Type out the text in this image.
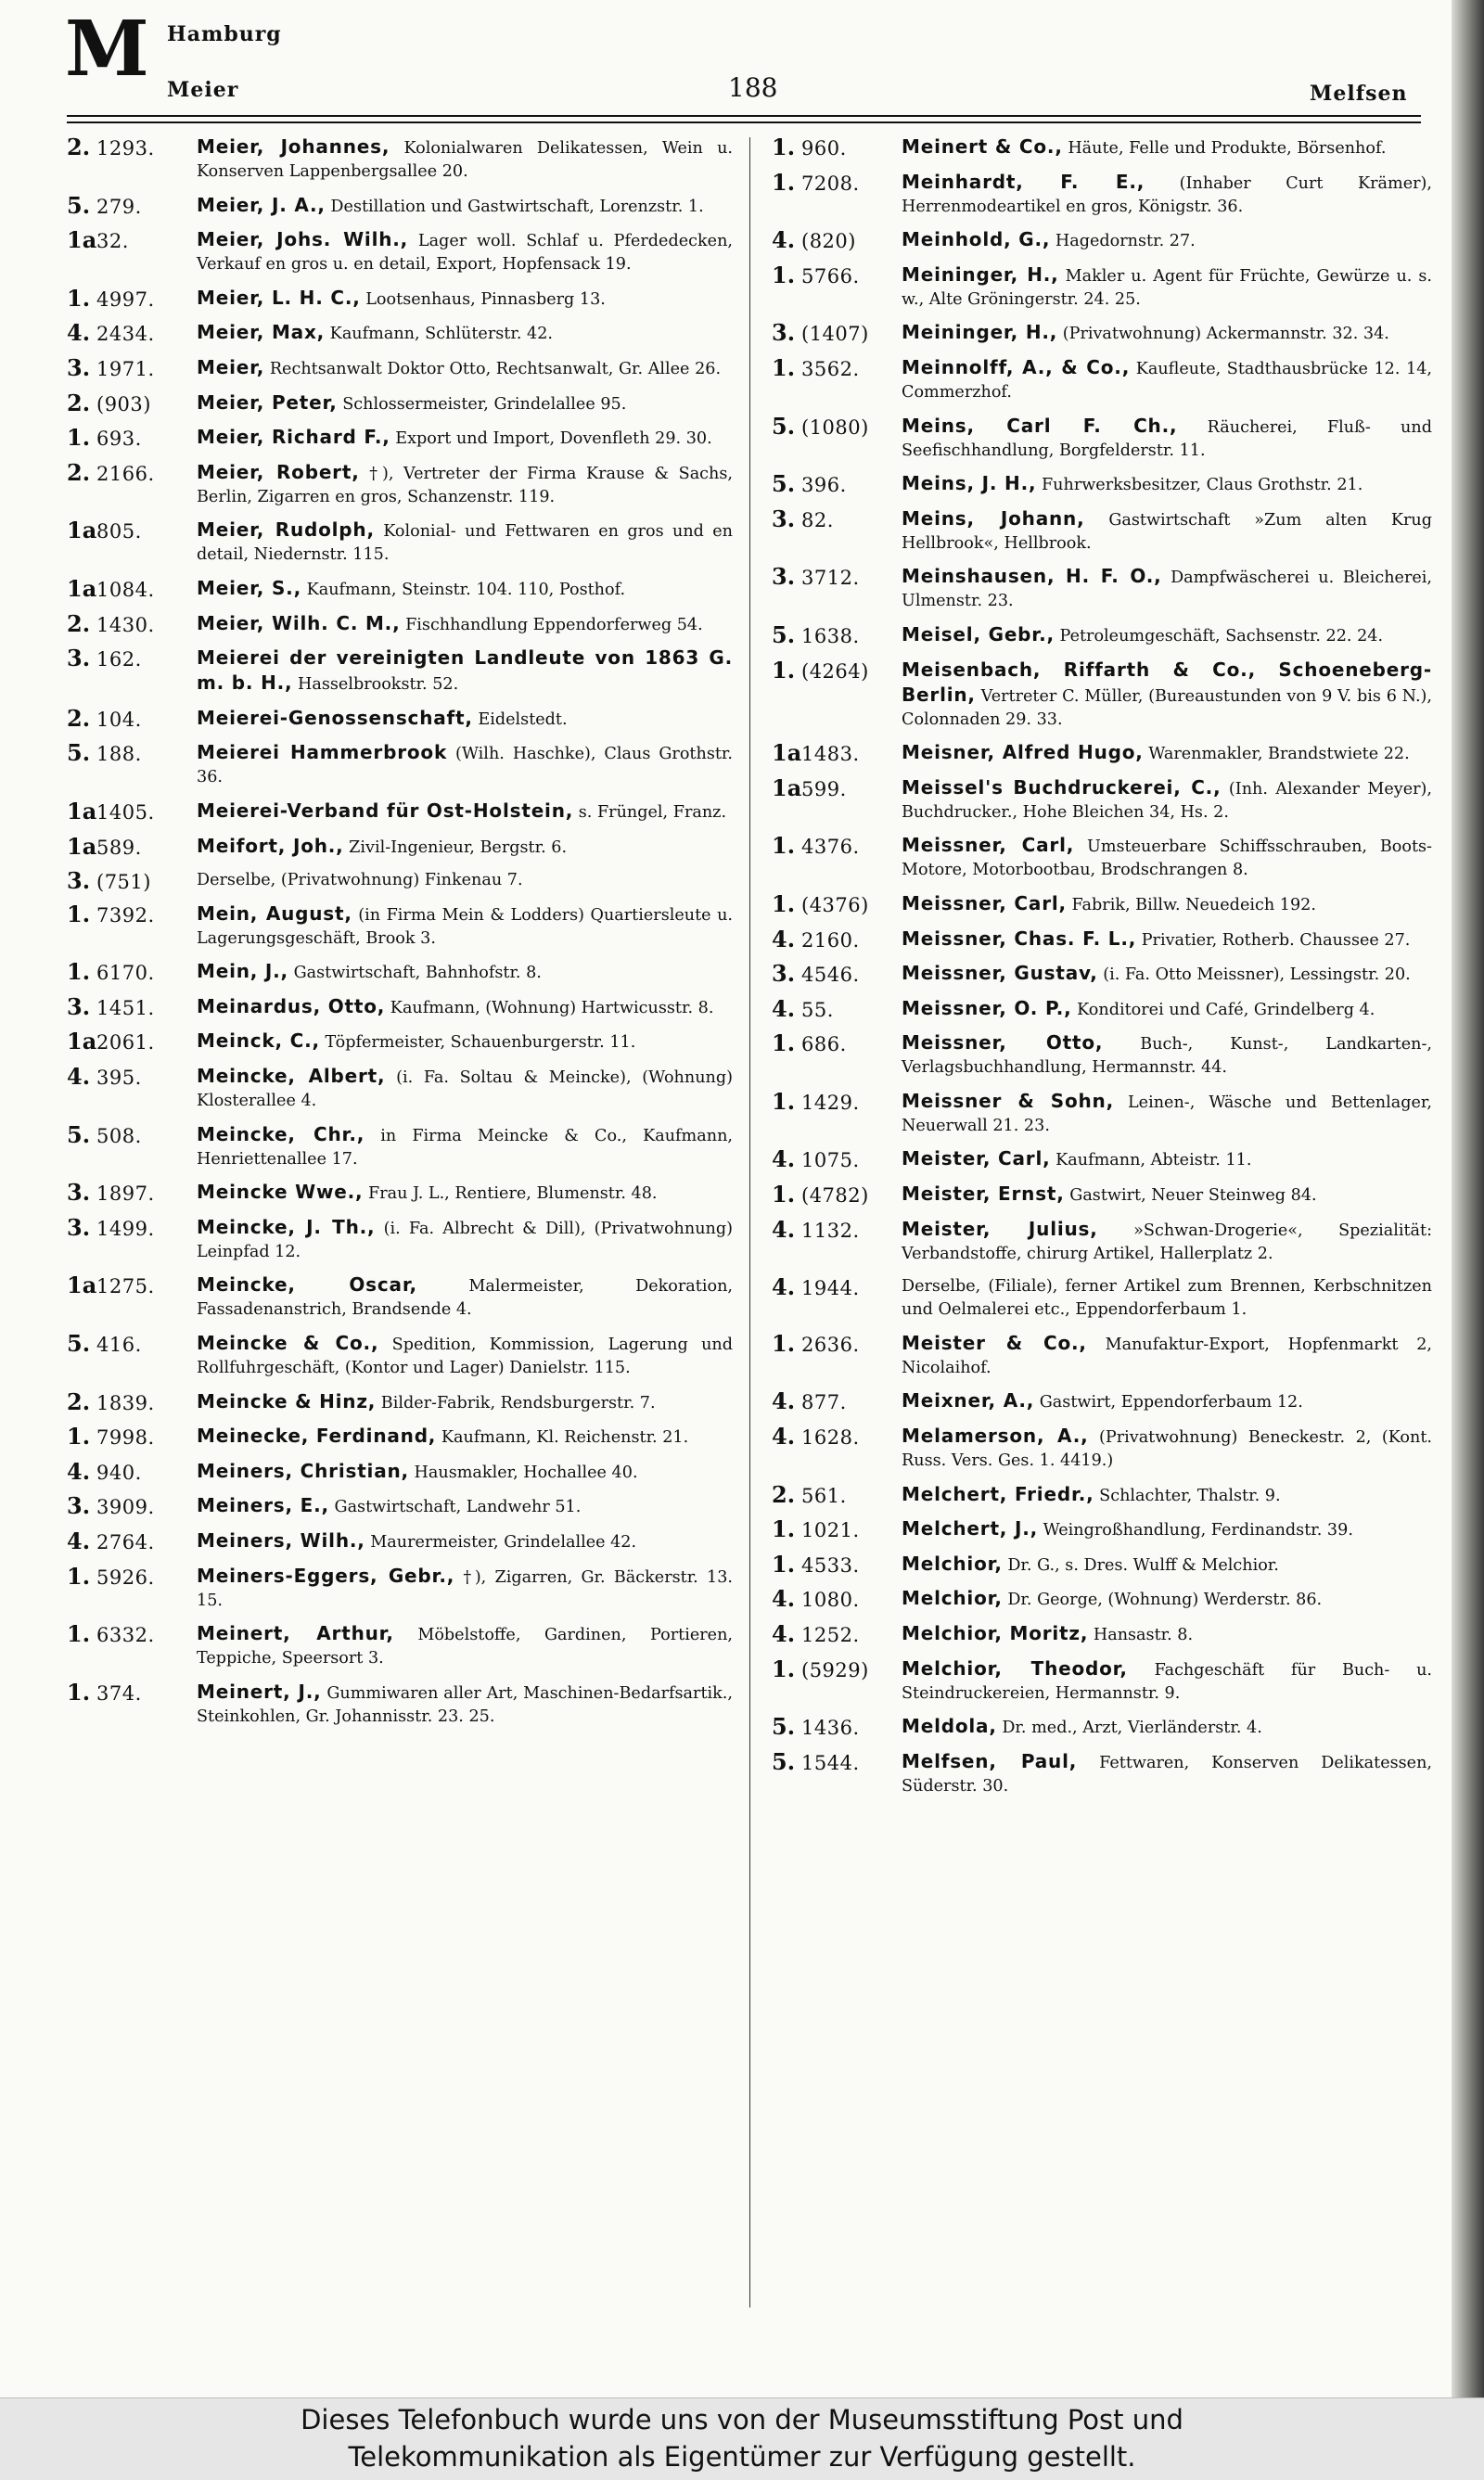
M Hamburg
Meier	188	Melfsen
2. 1293.	Meier, Johannes, Kolonialwaren Delikatessen, Wein u. Konserven Lappenbergsallee 20.
5. 279.	Meier, J. A., Destillation und Gastwirtschaft, Lorenzstr. 1.
1a32.	Meier, Johs. Wilh., Lager woll. Schlaf u. Pferdedecken, Verkauf en gros u. en detail, Export, Hopfensack 19.
1. 4997.	Meier, L. H. C., Lootsenhaus, Pinnasberg 13.
4. 2434.	Meier, Max, Kaufmann, Schlüterstr. 42.
3. 1971.	Meier, Rechtsanwalt Doktor Otto, Rechtsanwalt, Gr. Allee 26.
2. (903)	Meier, Peter, Schlossermeister, Grindelallee 95.
1. 693.	Meier, Richard F., Export und Import, Dovenfleth 29. 30.
2. 2166.	Meier, Robert, †), Vertreter der Firma Krause & Sachs, Berlin, Zigarren en gros, Schanzenstr. 119.
1a805.	Meier, Rudolph, Kolonial- und Fettwaren en gros und en detail, Niedernstr. 115.
1a1084.	Meier, S., Kaufmann, Steinstr. 104. 110, Posthof.
2. 1430.	Meier, Wilh. C. M., Fischhandlung Eppendorferweg 54.
3. 162.	Meierei der vereinigten Landleute von 1863 G. m. b. H., Hasselbrookstr. 52.
2. 104.	Meierei-Genossenschaft, Eidelstedt.
5. 188.	Meierei Hammerbrook (Wilh. Haschke), Claus Grothstr. 36.
1a1405.	Meierei-Verband für Ost-Holstein, s. Früngel, Franz.
1a589.	Meifort, Joh., Zivil-Ingenieur, Bergstr. 6.
3. (751)	Derselbe, (Privatwohnung) Finkenau 7.
1. 7392.	Mein, August, (in Firma Mein & Lodders) Quartiersleute u. Lagerungsgeschäft, Brook 3.
1. 6170.	Mein, J., Gastwirtschaft, Bahnhofstr. 8.
3. 1451.	Meinardus, Otto, Kaufmann, (Wohnung) Hartwicusstr. 8.
1a2061.	Meinck, C., Töpfermeister, Schauenburgerstr. 11.
4. 395.	Meincke, Albert, (i. Fa. Soltau & Meincke), (Wohnung) Klosterallee 4.
5. 508.	Meincke, Chr., in Firma Meincke & Co., Kaufmann, Henriettenallee 17.
3. 1897.	Meincke Wwe., Frau J. L., Rentiere, Blumenstr. 48.
3. 1499.	Meincke, J. Th., (i. Fa. Albrecht & Dill), (Privatwohnung) Leinpfad 12.
1a1275.	Meincke, Oscar,	Malermeister, Dekoration, Fassadenanstrich, Brandsende 4.
5. 416.	Meincke & Co., Spedition, Kommission, Lagerung und Rollfuhrgeschäft, (Kontor und Lager) Danielstr. 115.
2. 1839.	Meincke & Hinz, Bilder-Fabrik, Rendsburgerstr. 7.
1. 7998.	Meinecke, Ferdinand, Kaufmann, Kl. Reichenstr. 21.
4. 940.	Meiners, Christian, Hausmakler, Hochallee 40.
3. 3909.	Meiners, E., Gastwirtschaft, Landwehr 51.
4. 2764.	Meiners, Wilh., Maurermeister, Grindelallee 42.
1. 5926.	Meiners-Eggers, Gebr., †), Zigarren, Gr. Bäckerstr. 13. 15.
1. 6332.	Meinert, Arthur, Möbelstoffe, Gardinen, Portieren, Teppiche, Speersort 3.
1. 374.	Meinert, J., Gummiwaren aller Art, Maschinen-Bedarfsartik., Steinkohlen, Gr. Johannisstr. 23. 25.
1. 960.	Meinert & Co., Häute, Felle und Produkte, Börsenhof.
1. 7208.	Meinhardt, F. E., (Inhaber Curt Krämer), Herrenmodeartikel en gros, Königstr. 36.
4. (820)	Meinhold, G., Hagedornstr. 27.
1. 5766.	Meininger, H., Makler u. Agent für Früchte, Gewürze u. s. w., Alte Gröningerstr. 24. 25.
3. (1407)	Meininger, H., (Privatwohnung) Ackermannstr. 32. 34.
1. 3562.	Meinnolff, A., & Co., Kaufleute, Stadthausbrücke 12. 14, Commerzhof.
5. (1080)	Meins, Carl F. Ch., Räucherei, Fluß- und Seefischhandlung, Borgfelderstr. 11.
5. 396.	Meins, J. H., Fuhrwerksbesitzer, Claus Grothstr. 21.
3. 82.	Meins, Johann, Gastwirtschaft »Zum alten Krug Hellbrook«, Hellbrook.
3. 3712.	Meinshausen, H. F. O., Dampfwäscherei u. Bleicherei, Ulmenstr. 23.
5. 1638.	Meisel, Gebr., Petroleumgeschäft, Sachsenstr. 22. 24.
1. (4264)	Meisenbach, Riffarth & Co., Schoeneberg-Berlin, Vertreter C. Müller, (Bureaustunden von 9 V. bis 6 N.), Colonnaden 29. 33.
1a1483.	Meisner, Alfred Hugo, Warenmakler, Brandstwiete 22.
1a599.	Meissel's Buchdruckerei, C., (Inh. Alexander Meyer), Buchdrucker., Hohe Bleichen 34, Hs. 2.
1. 4376.	Meissner, Carl, Umsteuerbare Schiffsschrauben, Boots-Motore, Motorbootbau, Brodschrangen 8.
1. (4376)	Meissner, Carl, Fabrik, Billw. Neuedeich 192.
4. 2160.	Meissner, Chas. F. L., Privatier, Rotherb. Chaussee 27.
3. 4546.	Meissner, Gustav, (i. Fa. Otto Meissner), Lessingstr. 20.
4. 55.	Meissner, O. P., Konditorei und Café, Grindelberg 4.
1. 686.	Meissner, Otto, Buch-, Kunst-, Landkarten-, Verlagsbuchhandlung, Hermannstr. 44.
1. 1429.	Meissner & Sohn, Leinen-, Wäsche und Bettenlager, Neuerwall 21. 23.
4. 1075.	Meister, Carl, Kaufmann, Abteistr. 11.
1. (4782)	Meister, Ernst, Gastwirt, Neuer Steinweg 84.
4. 1132.	Meister, Julius, »Schwan-Drogerie«, Spezialität: Verbandstoffe, chirurg Artikel, Hallerplatz 2.
4. 1944.	Derselbe, (Filiale), ferner Artikel zum Brennen, Kerbschnitzen und Oelmalerei etc., Eppendorferbaum 1.
1. 2636.	Meister & Co., Manufaktur-Export, Hopfenmarkt 2, Nicolaihof.
4. 877.	Meixner, A., Gastwirt, Eppendorferbaum 12.
4. 1628.	Melamerson, A., (Privatwohnung) Beneckestr. 2, (Kont. Russ. Vers. Ges. 1. 4419.)
2. 561.	Melchert, Friedr., Schlachter, Thalstr. 9.
1. 1021.	Melchert, J., Weingroßhandlung, Ferdinandstr. 39.
1. 4533.	Melchior, Dr. G., s. Dres. Wulff & Melchior.
4. 1080.	Melchior, Dr. George, (Wohnung) Werderstr. 86.
4. 1252.	Melchior, Moritz, Hansastr. 8.
1. (5929)	Melchior, Theodor, Fachgeschäft für Buch- u. Steindruckereien, Hermannstr. 9.
5. 1436.	Meldola, Dr. med., Arzt, Vierländerstr. 4.
5. 1544.	Melfsen, Paul, Fettwaren, Konserven Delikatessen, Süderstr. 30.
Dieses Telefonbuch wurde uns von der Museumsstiftung Post und
Telekommunikation als Eigentümer zur Verfügung gestellt.
